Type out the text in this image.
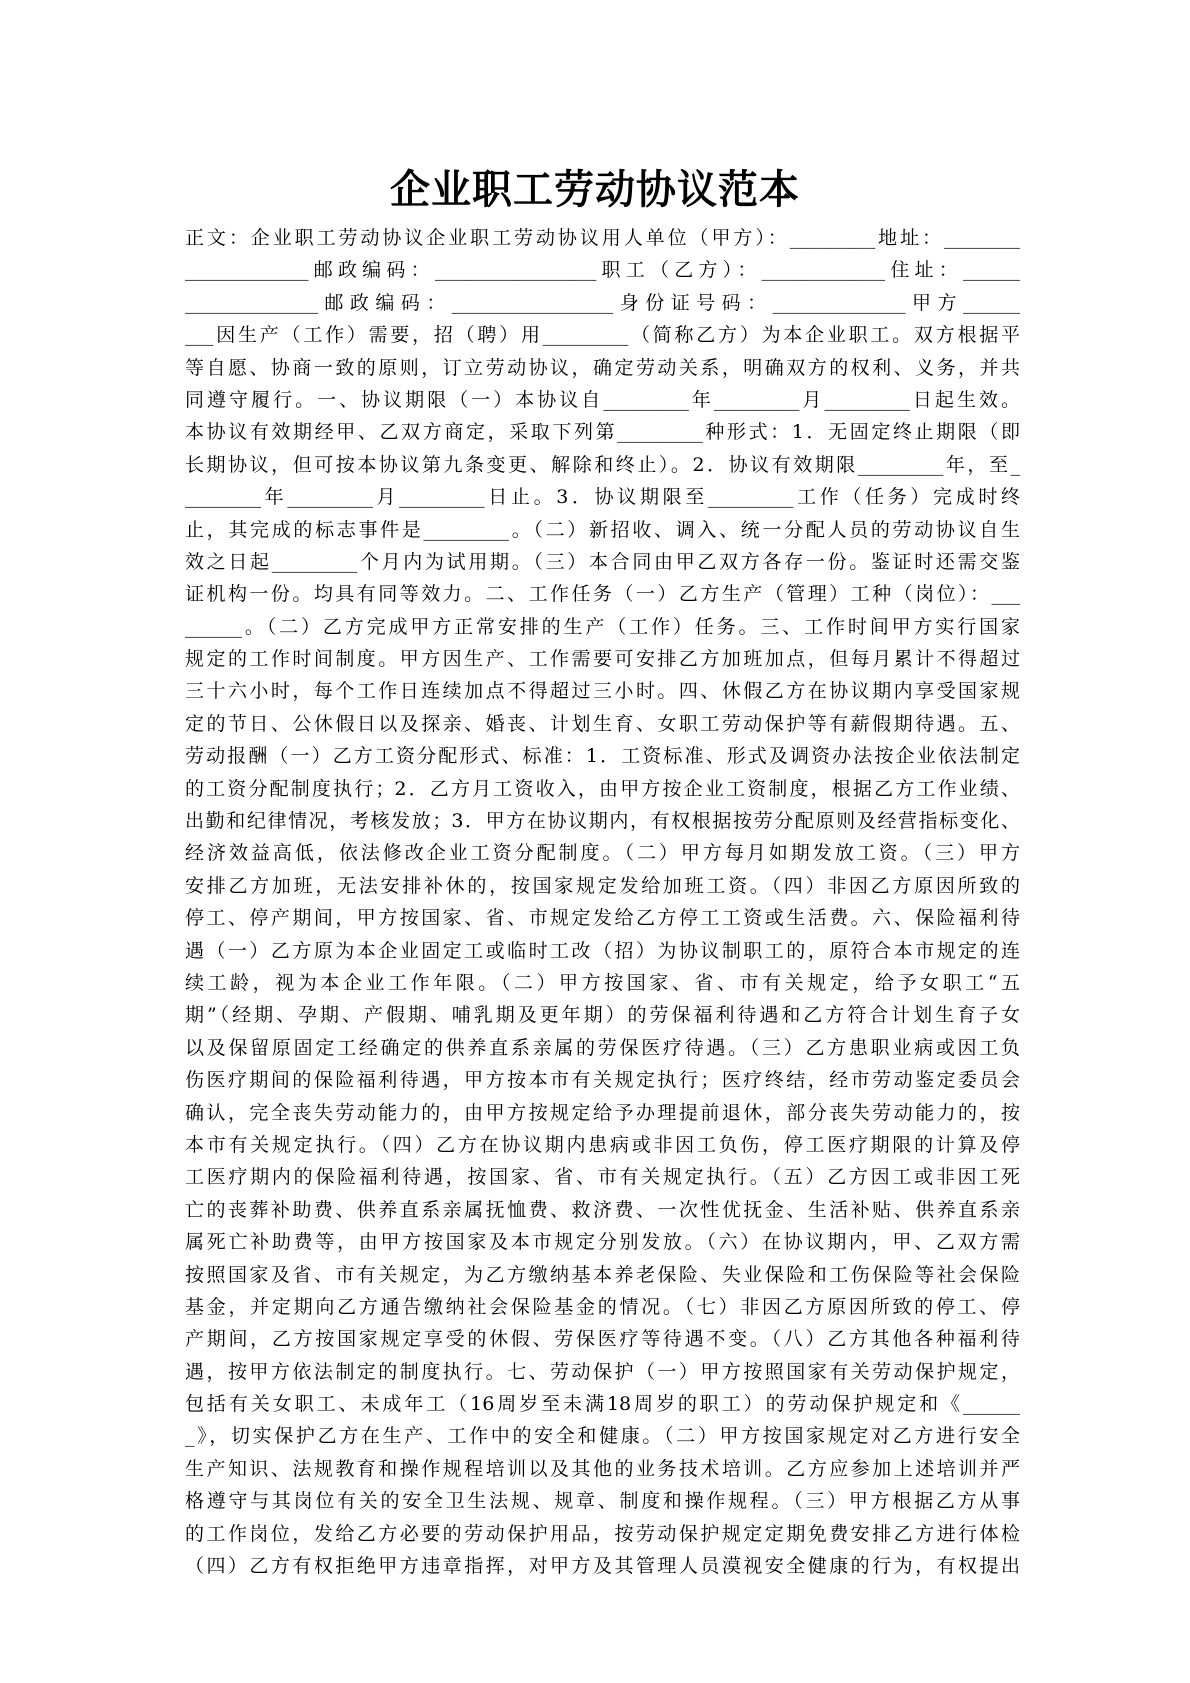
企业职工劳动协议范本
正文：企业职工劳动协议企业职工劳动协议用人单位（甲方）：_________地址：________
_____________邮政编码：_________________职工（乙方）：_____________住址：______
______________邮政编码：_________________身份证号码：______________甲方______
___因生产（工作）需要，招（聘）用_________（简称乙方）为本企业职工。双方根据平
等自愿、协商一致的原则，订立劳动协议，确定劳动关系，明确双方的权利、义务，并共
同遵守履行。一、协议期限（一）本协议自_________年_________月_________日起生效。
本协议有效期经甲、乙双方商定，采取下列第_________种形式：1．无固定终止期限（即
长期协议，但可按本协议第九条变更、解除和终止）。2．协议有效期限_________年，至_
________年_________月_________日止。3．协议期限至_________工作（任务）完成时终
止，其完成的标志事件是_________。（二）新招收、调入、统一分配人员的劳动协议自生
效之日起_________个月内为试用期。（三）本合同由甲乙双方各存一份。鉴证时还需交鉴
证机构一份。均具有同等效力。二、工作任务（一）乙方生产（管理）工种（岗位）：___
______。（二）乙方完成甲方正常安排的生产（工作）任务。三、工作时间甲方实行国家
规定的工作时间制度。甲方因生产、工作需要可安排乙方加班加点，但每月累计不得超过
三十六小时，每个工作日连续加点不得超过三小时。四、休假乙方在协议期内享受国家规
定的节日、公休假日以及探亲、婚丧、计划生育、女职工劳动保护等有薪假期待遇。五、
劳动报酬（一）乙方工资分配形式、标准：1．工资标准、形式及调资办法按企业依法制定
的工资分配制度执行；2．乙方月工资收入，由甲方按企业工资制度，根据乙方工作业绩、
出勤和纪律情况，考核发放；3．甲方在协议期内，有权根据按劳分配原则及经营指标变化、
经济效益高低，依法修改企业工资分配制度。（二）甲方每月如期发放工资。（三）甲方
安排乙方加班，无法安排补休的，按国家规定发给加班工资。（四）非因乙方原因所致的
停工、停产期间，甲方按国家、省、市规定发给乙方停工工资或生活费。六、保险福利待
遇（一）乙方原为本企业固定工或临时工改（招）为协议制职工的，原符合本市规定的连
续工龄，视为本企业工作年限。（二）甲方按国家、省、市有关规定，给予女职工“五
期”（经期、孕期、产假期、哺乳期及更年期）的劳保福利待遇和乙方符合计划生育子女
以及保留原固定工经确定的供养直系亲属的劳保医疗待遇。（三）乙方患职业病或因工负
伤医疗期间的保险福利待遇，甲方按本市有关规定执行；医疗终结，经市劳动鉴定委员会
确认，完全丧失劳动能力的，由甲方按规定给予办理提前退休，部分丧失劳动能力的，按
本市有关规定执行。（四）乙方在协议期内患病或非因工负伤，停工医疗期限的计算及停
工医疗期内的保险福利待遇，按国家、省、市有关规定执行。（五）乙方因工或非因工死
亡的丧葬补助费、供养直系亲属抚恤费、救济费、一次性优抚金、生活补贴、供养直系亲
属死亡补助费等，由甲方按国家及本市规定分别发放。（六）在协议期内，甲、乙双方需
按照国家及省、市有关规定，为乙方缴纳基本养老保险、失业保险和工伤保险等社会保险
基金，并定期向乙方通告缴纳社会保险基金的情况。（七）非因乙方原因所致的停工、停
产期间，乙方按国家规定享受的休假、劳保医疗等待遇不变。（八）乙方其他各种福利待
遇，按甲方依法制定的制度执行。七、劳动保护（一）甲方按照国家有关劳动保护规定，
包括有关女职工、未成年工（16周岁至未满18周岁的职工）的劳动保护规定和《______
_》，切实保护乙方在生产、工作中的安全和健康。（二）甲方按国家规定对乙方进行安全
生产知识、法规教育和操作规程培训以及其他的业务技术培训。乙方应参加上述培训并严
格遵守与其岗位有关的安全卫生法规、规章、制度和操作规程。（三）甲方根据乙方从事
的工作岗位，发给乙方必要的劳动保护用品，按劳动保护规定定期免费安排乙方进行体检
（四）乙方有权拒绝甲方违章指挥，对甲方及其管理人员漠视安全健康的行为，有权提出
